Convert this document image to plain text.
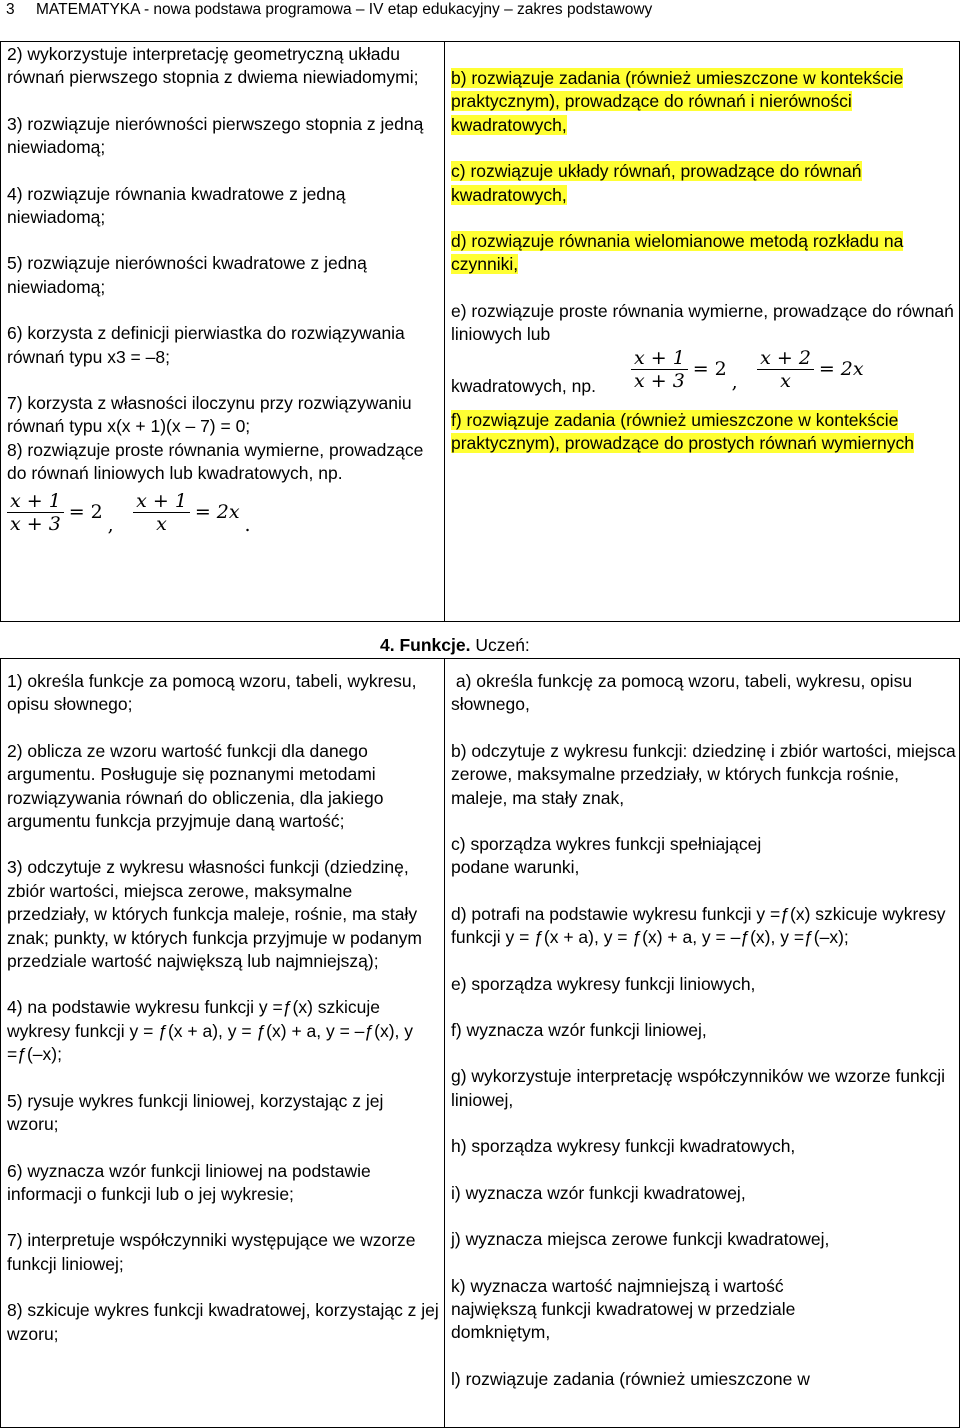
3 MATEMATYKA - nowa podstawa programowa – IV etap edukacyjny – zakres podstawowy

2) wykorzystuje interpretację geometryczną układu równań pierwszego stopnia z dwiema niewiadomymi;

3) rozwiązuje nierówności pierwszego stopnia z jedną niewiadomą;

4) rozwiązuje równania kwadratowe z jedną niewiadomą;

5) rozwiązuje nierówności kwadratowe z jedną niewiadomą;

6) korzysta z definicji pierwiastka do rozwiązywania równań typu x3 = –8;

7) korzysta z własności iloczynu przy rozwiązywaniu równań typu x(x + 1)(x – 7) = 0;

8) rozwiązuje proste równania wymierne, prowadzące do równań liniowych lub kwadratowych, np.

$\frac{x + 1}{x + 3} = 2$ , $\frac{x + 1}{x} = 2x$ .

b) rozwiązuje zadania (również umieszczone w kontekście praktycznym), prowadzące do równań i nierówności kwadratowych,

c) rozwiązuje układy równań, prowadzące do równań kwadratowych,

d) rozwiązuje równania wielomianowe metodą rozkładu na czynniki,

e) rozwiązuje proste równania wymierne, prowadzące do równań liniowych lub

kwadratowych, np. $\frac{x + 1}{x + 3} = 2$ , $\frac{x + 2}{x} = 2x$

f) rozwiązuje zadania (również umieszczone w kontekście praktycznym), prowadzące do prostych równań wymiernych

4. Funkcje. Uczeń:

1) określa funkcje za pomocą wzoru, tabeli, wykresu, opisu słownego;

2) oblicza ze wzoru wartość funkcji dla danego argumentu. Posługuje się poznanymi metodami rozwiązywania równań do obliczenia, dla jakiego argumentu funkcja przyjmuje daną wartość;

3) odczytuje z wykresu własności funkcji (dziedzinę, zbiór wartości, miejsca zerowe, maksymalne przedziały, w których funkcja maleje, rośnie, ma stały znak; punkty, w których funkcja przyjmuje w podanym przedziale wartość największą lub najmniejszą);

4) na podstawie wykresu funkcji y =ƒ(x) szkicuje wykresy funkcji y = ƒ(x + a), y = ƒ(x) + a, y = –ƒ(x), y =ƒ(–x);

5) rysuje wykres funkcji liniowej, korzystając z jej wzoru;

6) wyznacza wzór funkcji liniowej na podstawie informacji o funkcji lub o jej wykresie;

7) interpretuje współczynniki występujące we wzorze funkcji liniowej;

8) szkicuje wykres funkcji kwadratowej, korzystając z jej wzoru;

a) określa funkcję za pomocą wzoru, tabeli, wykresu, opisu słownego,

b) odczytuje z wykresu funkcji: dziedzinę i zbiór wartości, miejsca zerowe, maksymalne przedziały, w których funkcja rośnie, maleje, ma stały znak,

c) sporządza wykres funkcji spełniającej podane warunki,

d) potrafi na podstawie wykresu funkcji y =ƒ(x) szkicuje wykresy funkcji y = ƒ(x + a), y = ƒ(x) + a, y = –ƒ(x), y =ƒ(–x);

e) sporządza wykresy funkcji liniowych,

f) wyznacza wzór funkcji liniowej,

g) wykorzystuje interpretację współczynników we wzorze funkcji liniowej,

h) sporządza wykresy funkcji kwadratowych,

i) wyznacza wzór funkcji kwadratowej,

j) wyznacza miejsca zerowe funkcji kwadratowej,

k) wyznacza wartość najmniejszą i wartość największą funkcji kwadratowej w przedziale domkniętym,

l) rozwiązuje zadania (również umieszczone w
